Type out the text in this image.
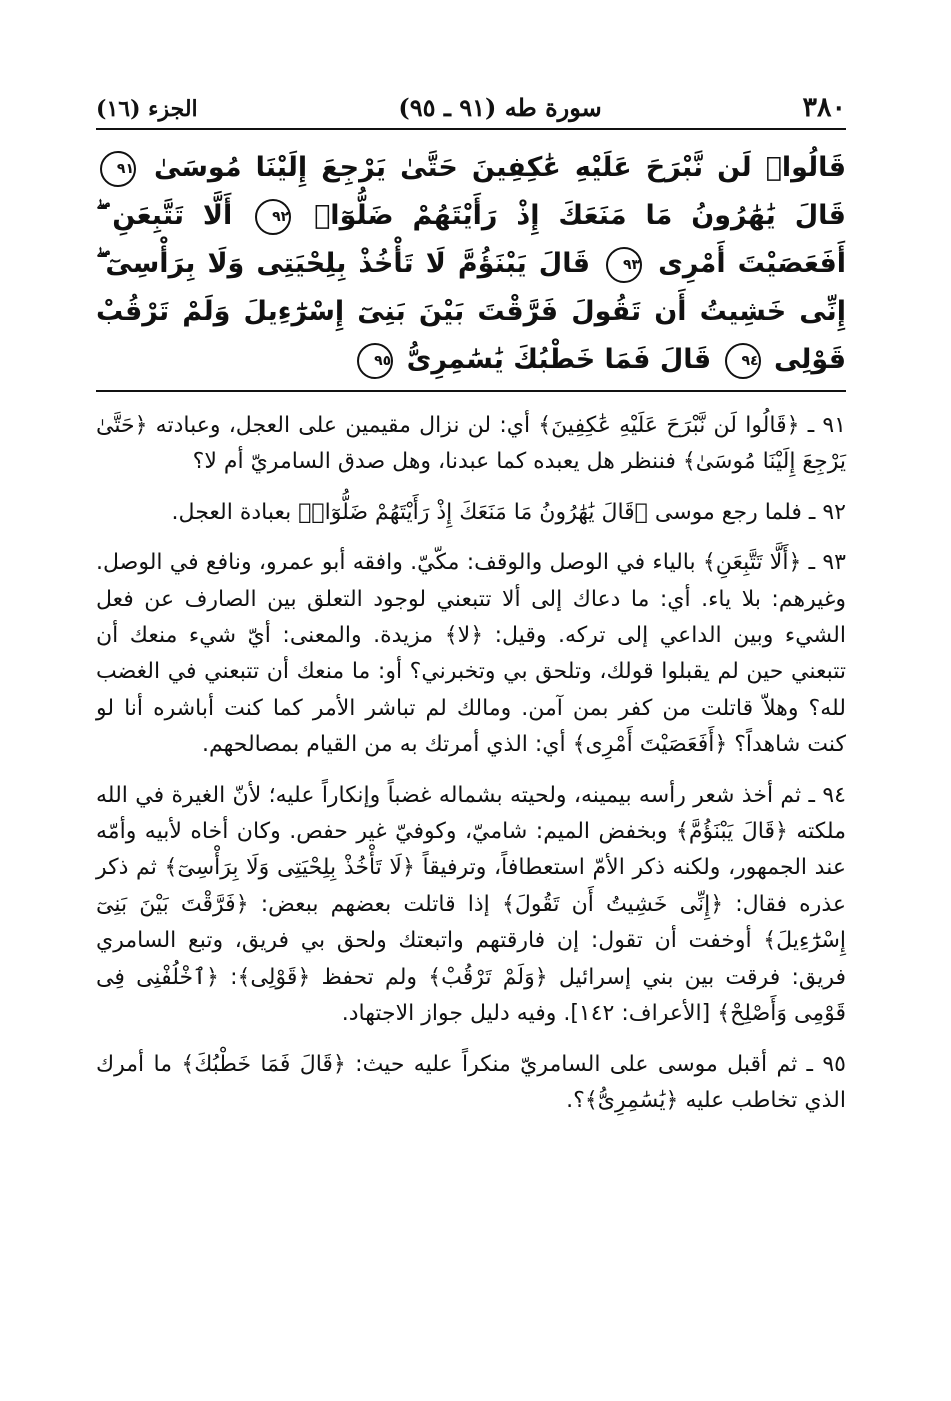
٣٨٠
سورة طه (٩١ ـ ٩٥)
الجزء (١٦)
قَالُوا۟ لَن نَّبْرَحَ عَلَيْهِ عَٰكِفِينَ حَتَّىٰ يَرْجِعَ إِلَيْنَا مُوسَىٰ ٩١ قَالَ يَٰهَٰرُونُ مَا مَنَعَكَ إِذْ رَأَيْتَهُمْ ضَلُّوٓا۟ ٩٢ أَلَّا تَتَّبِعَنِ ۖ أَفَعَصَيْتَ أَمْرِى ٩٣ قَالَ يَبْنَؤُمَّ لَا تَأْخُذْ بِلِحْيَتِى وَلَا بِرَأْسِىٓ ۖ إِنِّى خَشِيتُ أَن تَقُولَ فَرَّقْتَ بَيْنَ بَنِىٓ إِسْرَٰٓءِيلَ وَلَمْ تَرْقُبْ قَوْلِى ٩٤ قَالَ فَمَا خَطْبُكَ يَٰسَٰمِرِىُّ ٩٥

٩١ ـ ﴿قَالُوا لَن نَّبْرَحَ عَلَيْهِ عَٰكِفِينَ﴾ أي: لن نزال مقيمين على العجل، وعبادته ﴿حَتَّىٰ يَرْجِعَ إِلَيْنَا مُوسَىٰ﴾ فننظر هل يعبده كما عبدنا، وهل صدق السامريّ أم لا؟

٩٢ ـ فلما رجع موسى ﴿قَالَ يَٰهَٰرُونُ مَا مَنَعَكَ إِذْ رَأَيْتَهُمْ ضَلُّوٓا۟﴾ بعبادة العجل.

٩٣ ـ ﴿أَلَّا تَتَّبِعَنِ﴾ بالياء في الوصل والوقف: مكّيّ. وافقه أبو عمرو، ونافع في الوصل. وغيرهم: بلا ياء. أي: ما دعاك إلى ألا تتبعني لوجود التعلق بين الصارف عن فعل الشيء وبين الداعي إلى تركه. وقيل: ﴿لا﴾ مزيدة. والمعنى: أيّ شيء منعك أن تتبعني حين لم يقبلوا قولك، وتلحق بي وتخبرني؟ أو: ما منعك أن تتبعني في الغضب لله؟ وهلاّ قاتلت من كفر بمن آمن. ومالك لم تباشر الأمر كما كنت أباشره أنا لو كنت شاهداً؟ ﴿أَفَعَصَيْتَ أَمْرِى﴾ أي: الذي أمرتك به من القيام بمصالحهم.

٩٤ ـ ثم أخذ شعر رأسه بيمينه، ولحيته بشماله غضباً وإنكاراً عليه؛ لأنّ الغيرة في الله ملكته ﴿قَالَ يَبْنَؤُمَّ﴾ وبخفض الميم: شاميّ، وكوفيّ غير حفص. وكان أخاه لأبيه وأمّه عند الجمهور، ولكنه ذكر الأمّ استعطافاً، وترفيقاً ﴿لَا تَأْخُذْ بِلِحْيَتِى وَلَا بِرَأْسِىٓ﴾ ثم ذكر عذره فقال: ﴿إِنِّى خَشِيتُ أَن تَقُولَ﴾ إذا قاتلت بعضهم ببعض: ﴿فَرَّقْتَ بَيْنَ بَنِىٓ إِسْرَٰٓءِيلَ﴾ أوخفت أن تقول: إن فارقتهم واتبعتك ولحق بي فريق، وتبع السامري فريق: فرقت بين بني إسرائيل ﴿وَلَمْ تَرْقُبْ﴾ ولم تحفظ ﴿قَوْلِى﴾: ﴿ٱخْلُفْنِى فِى قَوْمِى وَأَصْلِحْ﴾ [الأعراف: ١٤٢]. وفيه دليل جواز الاجتهاد.

٩٥ ـ ثم أقبل موسى على السامريّ منكراً عليه حيث: ﴿قَالَ فَمَا خَطْبُكَ﴾ ما أمرك الذي تخاطب عليه ﴿يَٰسَٰمِرِىُّ﴾؟.
